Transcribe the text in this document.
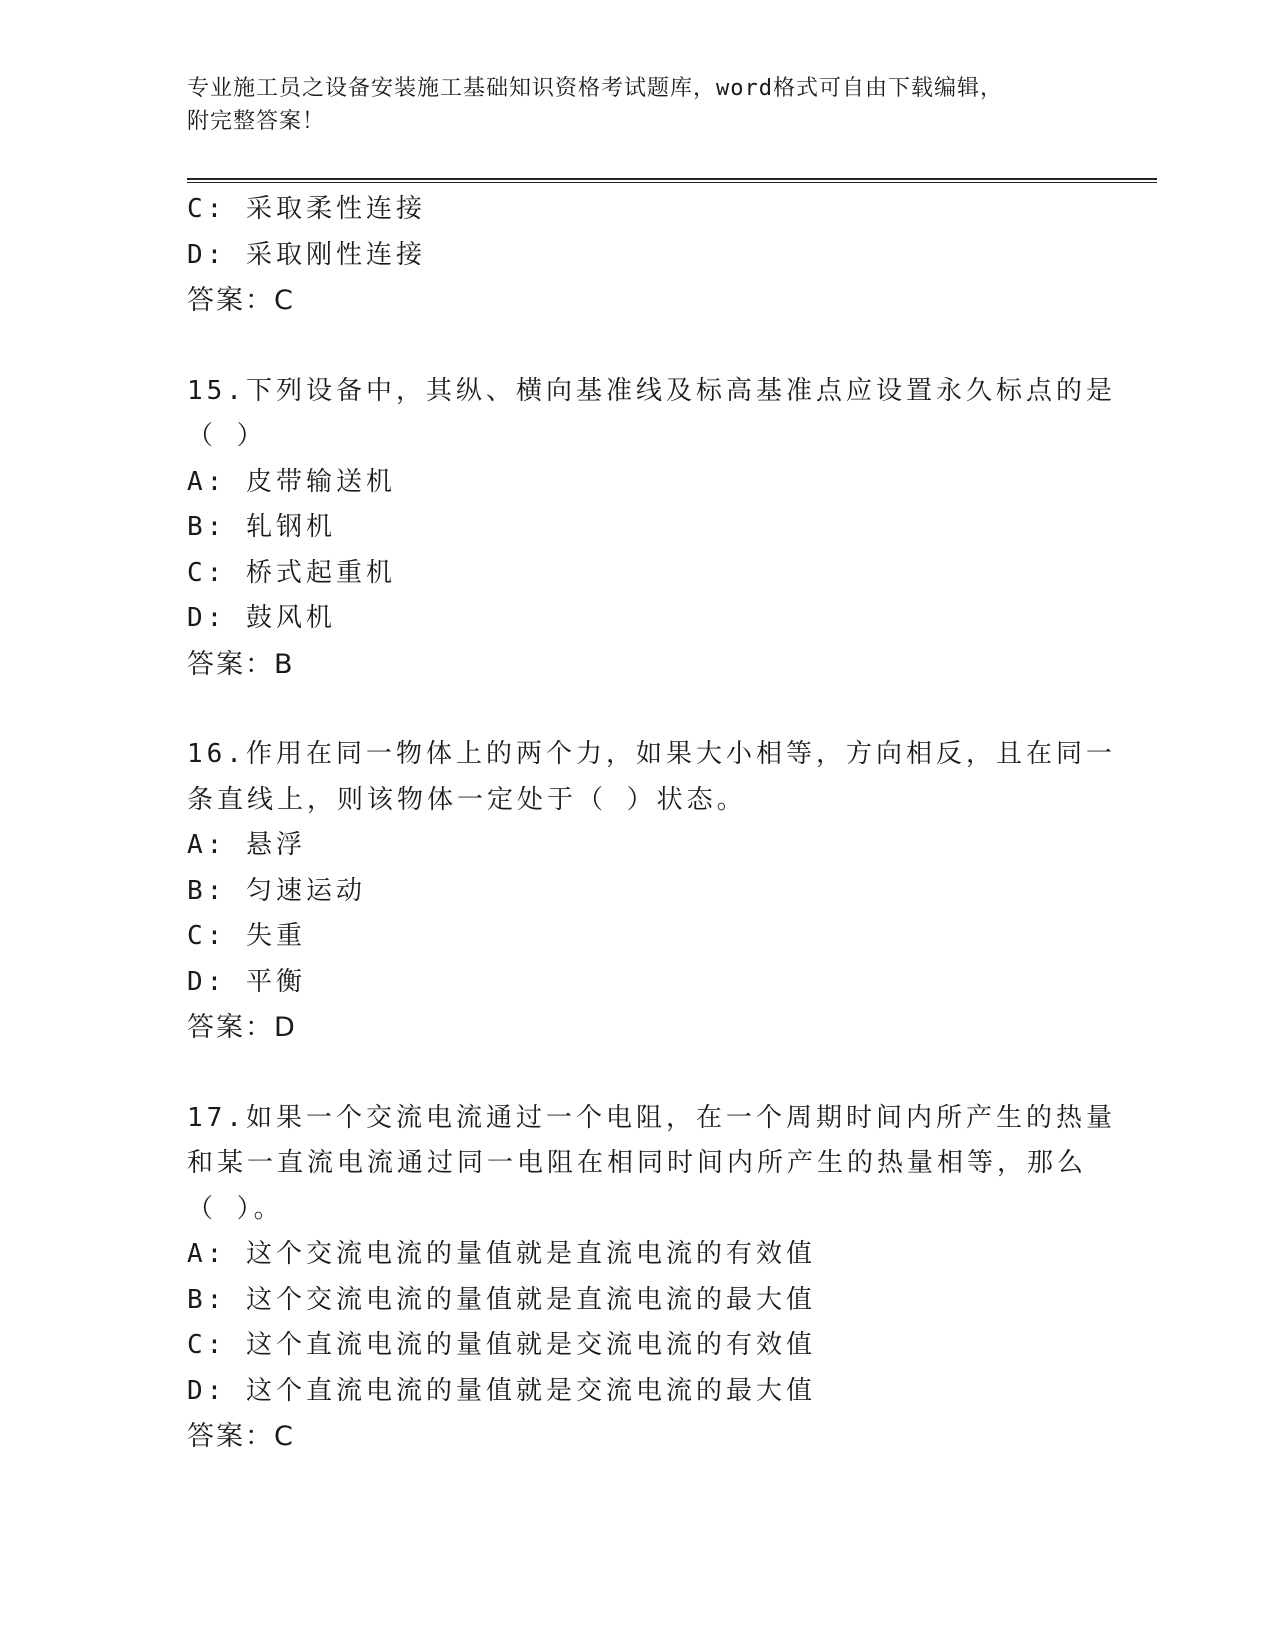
专业施工员之设备安装施工基础知识资格考试题库，word格式可自由下载编辑，
附完整答案！
C: 采取柔性连接
D: 采取刚性连接
答案：C
15.下列设备中，其纵、横向基准线及标高基准点应设置永久标点的是
（ ）
A: 皮带输送机
B: 轧钢机
C: 桥式起重机
D: 鼓风机
答案：B
16.作用在同一物体上的两个力，如果大小相等，方向相反，且在同一
条直线上，则该物体一定处于（ ）状态。
A: 悬浮
B: 匀速运动
C: 失重
D: 平衡
答案：D
17.如果一个交流电流通过一个电阻，在一个周期时间内所产生的热量
和某一直流电流通过同一电阻在相同时间内所产生的热量相等，那么
（ ）。
A: 这个交流电流的量值就是直流电流的有效值
B: 这个交流电流的量值就是直流电流的最大值
C: 这个直流电流的量值就是交流电流的有效值
D: 这个直流电流的量值就是交流电流的最大值
答案：C
